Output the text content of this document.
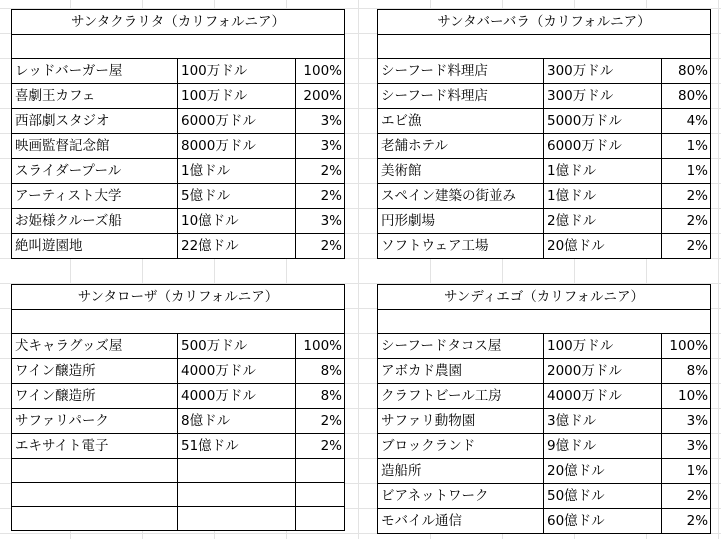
サンタクラリタ（カリフォルニア）		

レッドバーガー屋	100万ドル	100%
喜劇王カフェ	100万ドル	200%
西部劇スタジオ	6000万ドル	3%
映画監督記念館	8000万ドル	3%
スライダープール	1億ドル	2%
アーティスト大学	5億ドル	2%
お姫様クルーズ船	10億ドル	3%
絶叫遊園地	22億ドル	2%
サンタバーバラ（カリフォルニア）		

シーフード料理店	300万ドル	80%
シーフード料理店	300万ドル	80%
エビ漁	5000万ドル	4%
老舗ホテル	6000万ドル	1%
美術館	1億ドル	1%
スペイン建築の街並み	1億ドル	2%
円形劇場	2億ドル	2%
ソフトウェア工場	20億ドル	2%
サンタローザ（カリフォルニア）		

犬キャラグッズ屋	500万ドル	100%
ワイン醸造所	4000万ドル	8%
ワイン醸造所	4000万ドル	8%
サファリパーク	8億ドル	2%
エキサイト電子	51億ドル	2%

サンディエゴ（カリフォルニア）		

シーフードタコス屋	100万ドル	100%
アボカド農園	2000万ドル	8%
クラフトビール工房	4000万ドル	10%
サファリ動物園	3億ドル	3%
ブロックランド	9億ドル	3%
造船所	20億ドル	1%
ビアネットワーク	50億ドル	2%
モバイル通信	60億ドル	2%
